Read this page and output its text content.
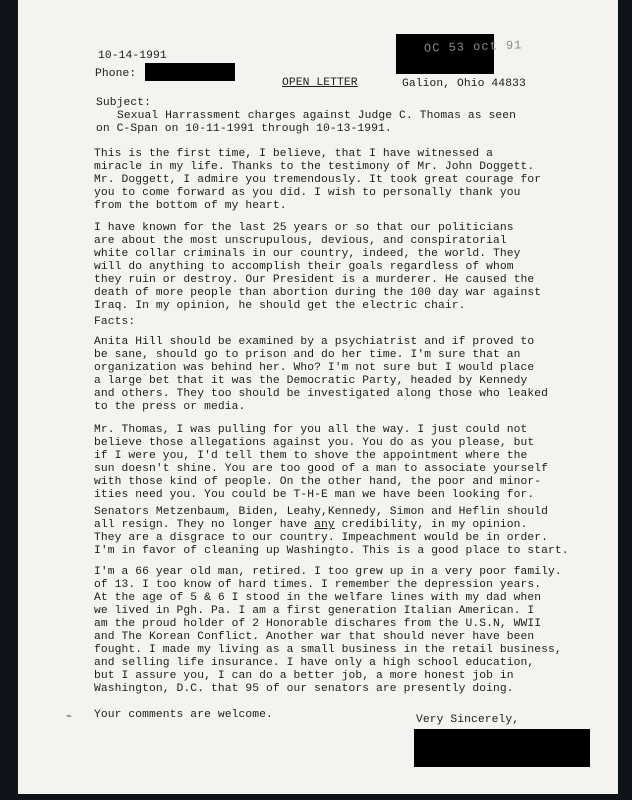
10-14-1991
Phone:
OC 53 oct 91
OPEN LETTER	Galion, Ohio 44833
Subject:
Sexual Harrassment charges against Judge C. Thomas as seen
on C-Span on 10-11-1991 through 10-13-1991.
This is the first time, I believe, that I have witnessed a
miracle in my life. Thanks to the testimony of Mr. John Doggett.
Mr. Doggett, I admire you tremendously. It took great courage for
you to come forward as you did. I wish to personally thank you
from the bottom of my heart.
I have known for the last 25 years or so that our politicians
are about the most unscrupulous, devious, and conspiratorial
white collar criminals in our country, indeed, the world. They
will do anything to accomplish their goals regardless of whom
they ruin or destroy. Our President is a murderer. He caused the
death of more people than abortion during the 100 day war against
Iraq. In my opinion, he should get the electric chair.
Facts:
Anita Hill should be examined by a psychiatrist and if proved to
be sane, should go to prison and do her time. I'm sure that an
organization was behind her. Who? I'm not sure but I would place
a large bet that it was the Democratic Party, headed by Kennedy
and others. They too should be investigated along those who leaked
to the press or media.
Mr. Thomas, I was pulling for you all the way. I just could not
believe those allegations against you. You do as you please, but
if I were you, I'd tell them to shove the appointment where the
sun doesn't shine. You are too good of a man to associate yourself
with those kind of people. On the other hand, the poor and minor-
ities need you. You could be T-H-E man we have been looking for.
Senators Metzenbaum, Biden, Leahy,Kennedy, Simon and Heflin should
all resign. They no longer have any credibility, in my opinion.
They are a disgrace to our country. Impeachment would be in order.
I'm in favor of cleaning up Washingto. This is a good place to start.
I'm a 66 year old man, retired. I too grew up in a very poor family.
of 13. I too know of hard times. I remember the depression years.
At the age of 5 & 6 I stood in the welfare lines with my dad when
we lived in Pgh. Pa. I am a first generation Italian American. I
am the proud holder of 2 Honorable dischares from the U.S.N, WWII
and The Korean Conflict. Another war that should never have been
fought. I made my living as a small business in the retail business,
and selling life insurance. I have only a high school education,
but I assure you, I can do a better job, a more honest job in
Washington, D.C. that 95 of our senators are presently doing.
Your comments are welcome.
⌁	Very Sincerely,
